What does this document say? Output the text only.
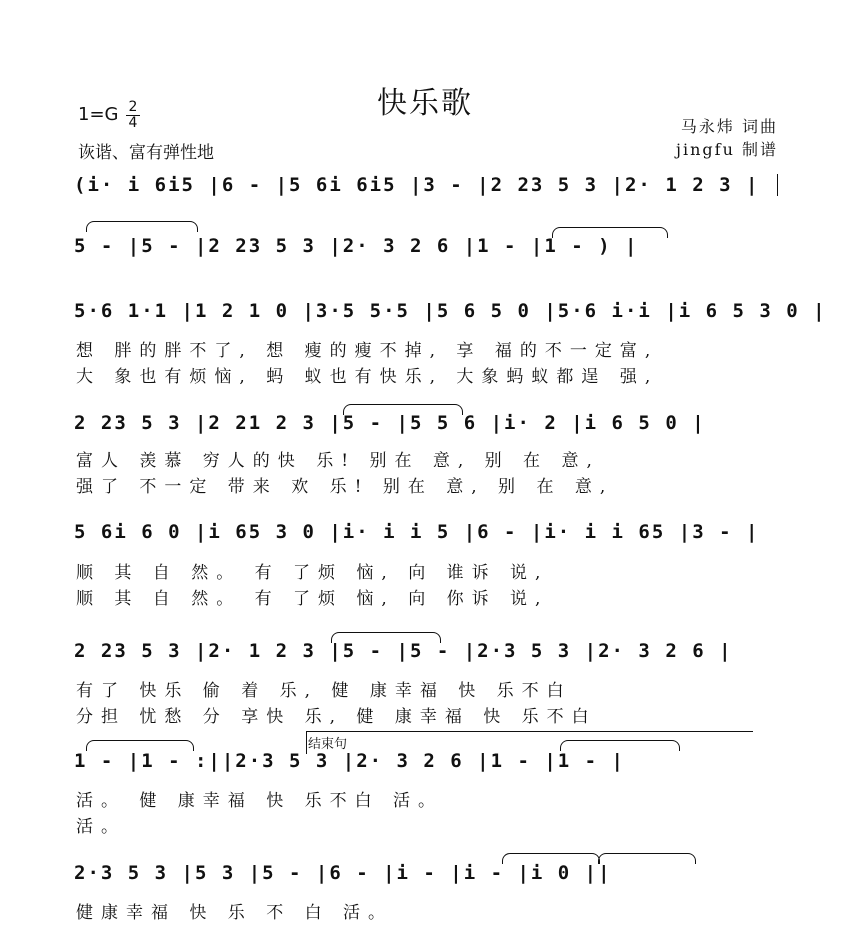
快乐歌
$1=G \frac{2}{4}$
诙谐、富有弹性地
马永炜 词曲
jingfu 制谱
(i· i 6i5 |6 - |5 6i 6i5 |3 - |2 23 5 3 |2· 1 2 3 |
5 - |5 - |2 23 5 3 |2· 3 2 6 |1 - |1 - ) |
5·6 1·1 |1 2 1 0 |3·5 5·5 |5 6 5 0 |5·6 i·i |i 6 5 3 0 |
想 胖的胖不了, 想 瘦的瘦不掉, 享 福的不一定富,
大 象也有烦恼, 蚂 蚁也有快乐, 大象蚂蚁都逞 强,
2 23 5 3 |2 21 2 3 |5 - |5 5 6 |i· 2 |i 6 5 0 |
富人 羡慕 穷人的快 乐! 别在 意, 别 在 意,
强了 不一定 带来 欢 乐! 别在 意, 别 在 意,
5 6i 6 0 |i 65 3 0 |i· i i 5 |6 - |i· i i 65 |3 - |
顺 其 自 然。 有 了烦 恼, 向 谁诉 说,
顺 其 自 然。 有 了烦 恼, 向 你诉 说,
2 23 5 3 |2· 1 2 3 |5 - |5 - |2·3 5 3 |2· 3 2 6 |
有了 快乐 偷 着 乐, 健 康幸福 快 乐不白
分担 忧愁 分 享快 乐, 健 康幸福 快 乐不白
结束句
1 - |1 - :||2·3 5 3 |2· 3 2 6 |1 - |1 - |
活。 健 康幸福 快 乐不白 活。
活。
2·3 5 3 |5 3 |5 - |6 - |i - |i - |i 0 ||
健康幸福 快 乐 不 白 活。
